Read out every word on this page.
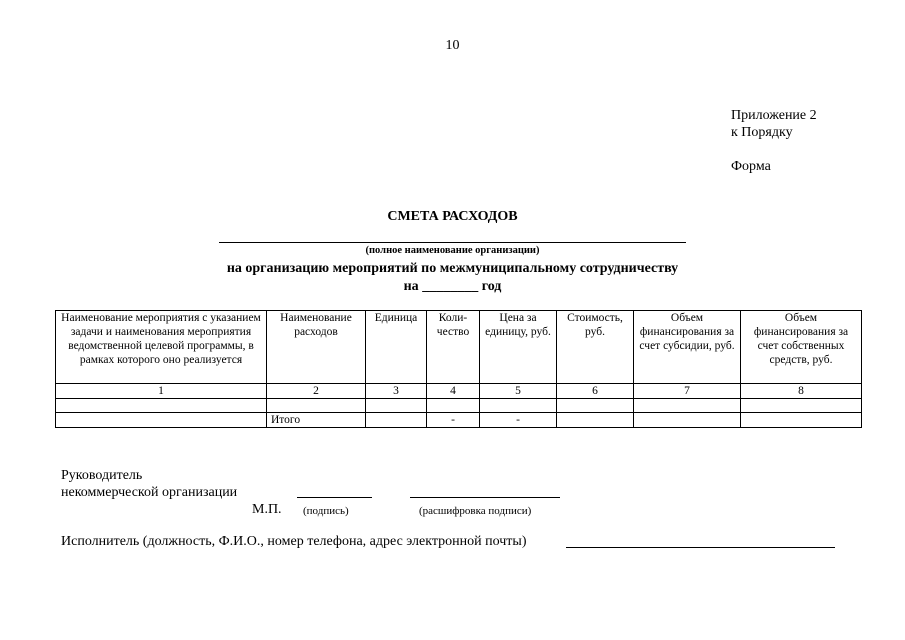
10
Приложение 2
к Порядку
Форма
СМЕТА РАСХОДОВ
(полное наименование организации)
на организацию мероприятий по межмуниципальному сотрудничеству
на ________ год
Наименование мероприятия с указанием задачи и наименования мероприятия ведомственной целевой программы, в рамках которого оно реализуется	Наименование расходов	Единица	Коли-чество	Цена за единицу, руб.	Стоимость, руб.	Объем финансирования за счет субсидии, руб.	Объем финансирования за счет собственных средств, руб.
1	2	3	4	5	6	7	8

	Итого		-	-			
Руководитель
некоммерческой организации
М.П. (подпись)	(расшифровка подписи)
Исполнитель (должность, Ф.И.О., номер телефона, адрес электронной почты)
